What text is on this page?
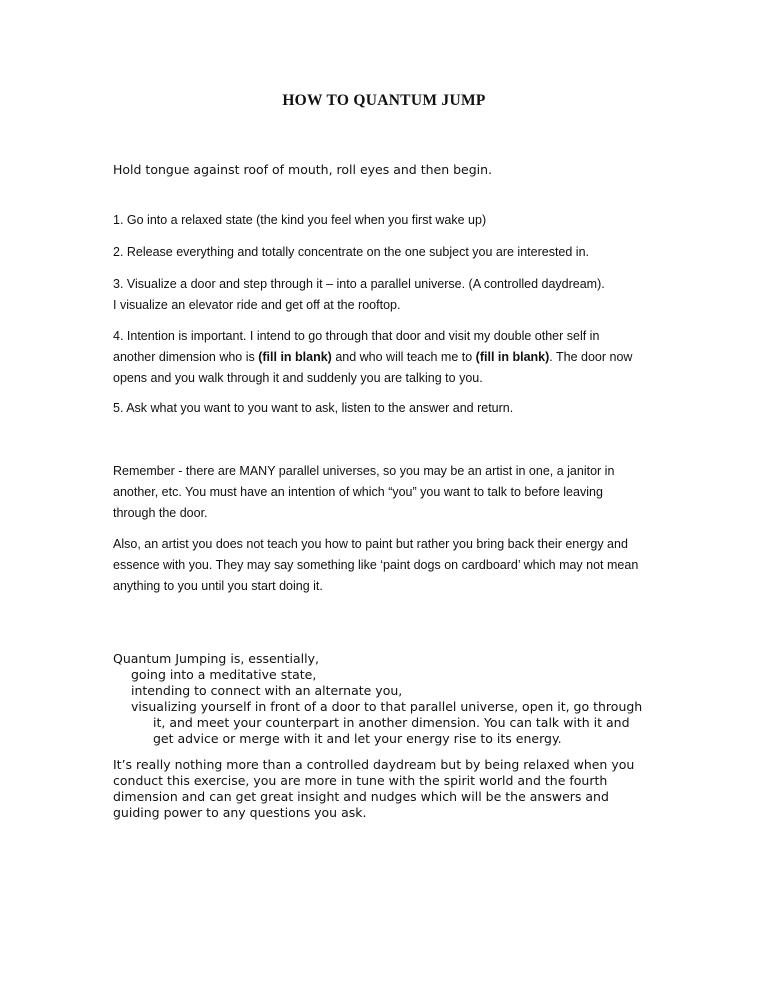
HOW TO QUANTUM JUMP

Hold tongue against roof of mouth, roll eyes and then begin.

1. Go into a relaxed state (the kind you feel when you first wake up)

2. Release everything and totally concentrate on the one subject you are interested in.

3. Visualize a door and step through it – into a parallel universe. (A controlled daydream).
I visualize an elevator ride and get off at the rooftop.

4. Intention is important. I intend to go through that door and visit my double other self in another dimension who is (fill in blank) and who will teach me to (fill in blank). The door now opens and you walk through it and suddenly you are talking to you.

5. Ask what you want to you want to ask, listen to the answer and return.

Remember - there are MANY parallel universes, so you may be an artist in one, a janitor in another, etc. You must have an intention of which “you” you want to talk to before leaving through the door.

Also, an artist you does not teach you how to paint but rather you bring back their energy and essence with you. They may say something like ‘paint dogs on cardboard’ which may not mean anything to you until you start doing it.

Quantum Jumping is, essentially,
going into a meditative state,
intending to connect with an alternate you,
visualizing yourself in front of a door to that parallel universe, open it, go through
it, and meet your counterpart in another dimension. You can talk with it and
get advice or merge with it and let your energy rise to its energy.
It’s really nothing more than a controlled daydream but by being relaxed when you
conduct this exercise, you are more in tune with the spirit world and the fourth
dimension and can get great insight and nudges which will be the answers and
guiding power to any questions you ask.
